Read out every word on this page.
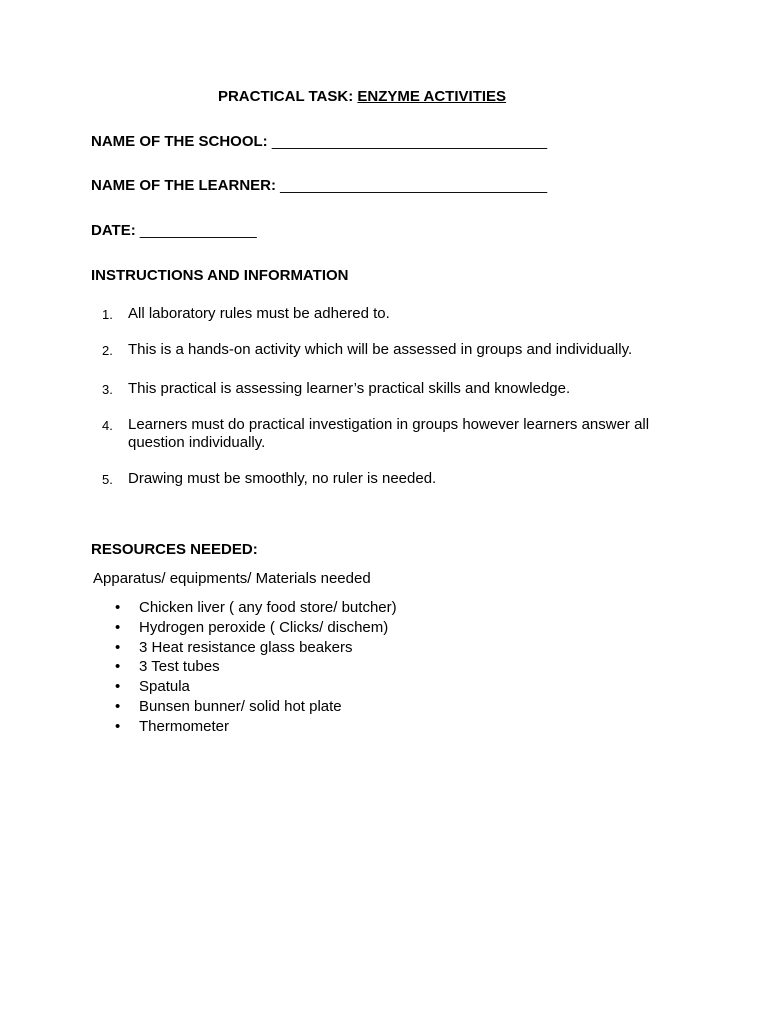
PRACTICAL TASK: ENZYME ACTIVITIES
NAME OF THE SCHOOL: _________________________________
NAME OF THE LEARNER: ________________________________
DATE: ______________
INSTRUCTIONS AND INFORMATION
1. All laboratory rules must be adhered to.
2. This is a hands-on activity which will be assessed in groups and individually.
3. This practical is assessing learner’s practical skills and knowledge.
4. Learners must do practical investigation in groups however learners answer all question individually.
5. Drawing must be smoothly, no ruler is needed.
RESOURCES NEEDED:
Apparatus/ equipments/ Materials needed
• Chicken liver ( any food store/ butcher)
• Hydrogen peroxide ( Clicks/ dischem)
• 3 Heat resistance glass beakers
• 3 Test tubes
• Spatula
• Bunsen bunner/ solid hot plate
• Thermometer
